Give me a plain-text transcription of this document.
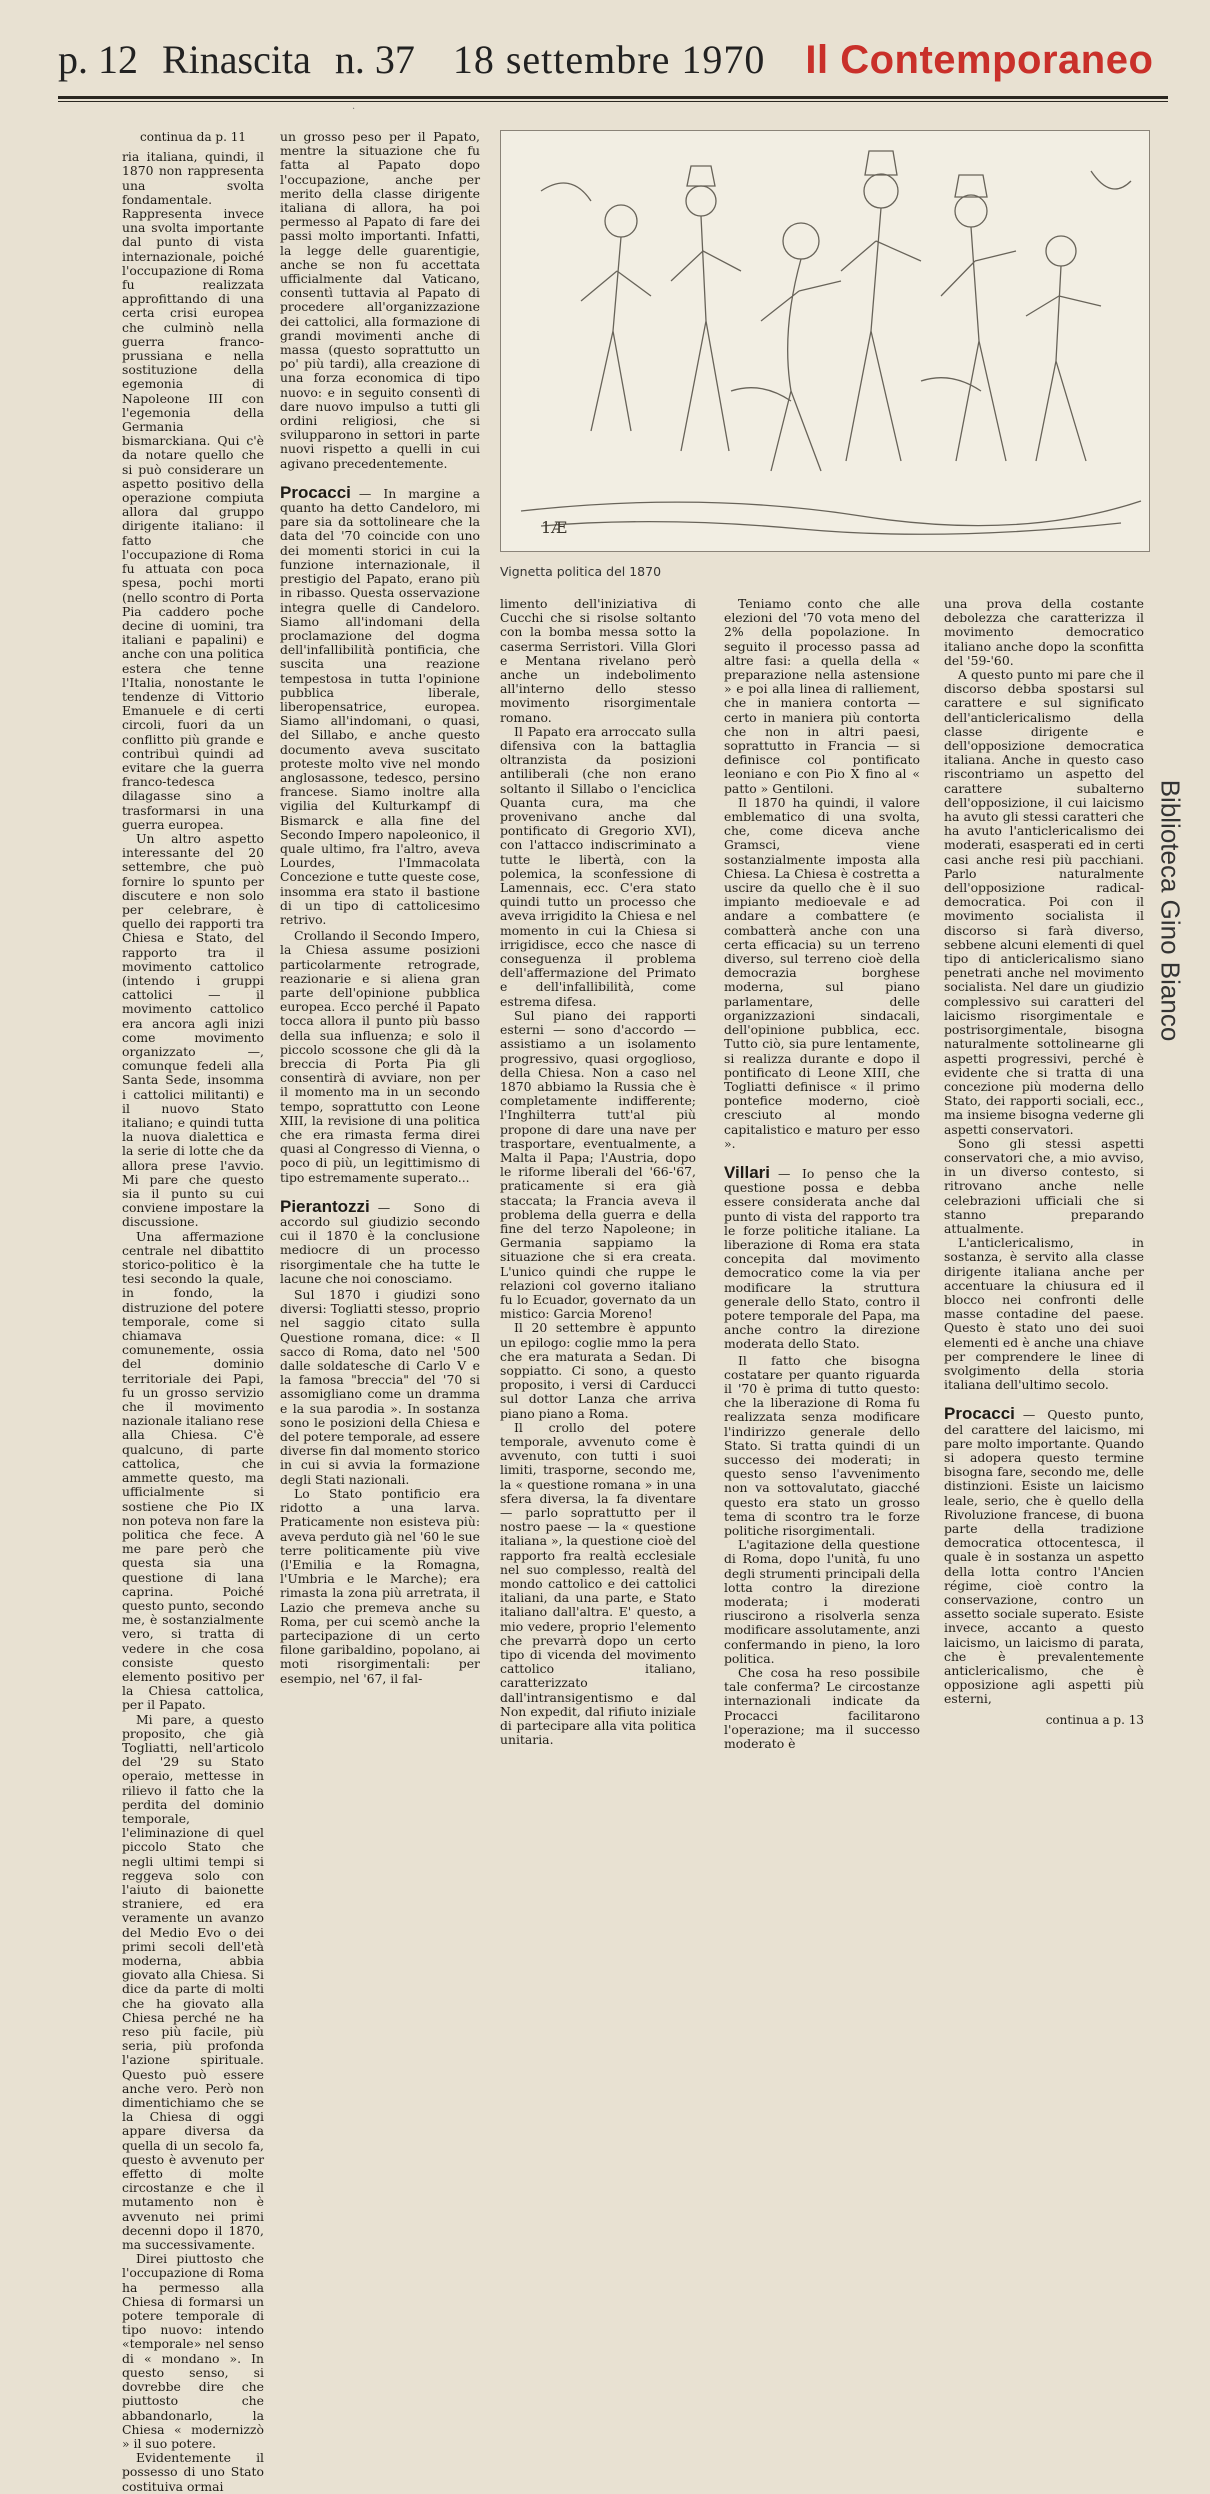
p. 12 Rinascita n. 37 18 settembre 1970 Il Contemporaneo
·
continua da p. 11

ria italiana, quindi, il 1870 non rappresenta una svolta fondamentale. Rappresenta invece una svolta importante dal punto di vista internazionale, poiché l'occupazione di Roma fu realizzata approfittando di una certa crisi europea che culminò nella guerra franco-prussiana e nella sostituzione della egemonia di Napoleone III con l'egemonia della Germania bismarckiana. Qui c'è da notare quello che si può considerare un aspetto positivo della operazione compiuta allora dal gruppo dirigente italiano: il fatto che l'occupazione di Roma fu attuata con poca spesa, pochi morti (nello scontro di Porta Pia caddero poche decine di uomini, tra italiani e papalini) e anche con una politica estera che tenne l'Italia, nonostante le tendenze di Vittorio Emanuele e di certi circoli, fuori da un conflitto più grande e contribuì quindi ad evitare che la guerra franco-tedesca dilagasse sino a trasformarsi in una guerra europea.

Un altro aspetto interessante del 20 settembre, che può fornire lo spunto per discutere e non solo per celebrare, è quello dei rapporti tra Chiesa e Stato, del rapporto tra il movimento cattolico (intendo i gruppi cattolici — il movimento cattolico era ancora agli inizi come movimento organizzato —, comunque fedeli alla Santa Sede, insomma i cattolici militanti) e il nuovo Stato italiano; e quindi tutta la nuova dialettica e la serie di lotte che da allora prese l'avvio. Mi pare che questo sia il punto su cui conviene impostare la discussione.

Una affermazione centrale nel dibattito storico-politico è la tesi secondo la quale, in fondo, la distruzione del potere temporale, come si chiamava comunemente, ossia del dominio territoriale dei Papi, fu un grosso servizio che il movimento nazionale italiano rese alla Chiesa. C'è qualcuno, di parte cattolica, che ammette questo, ma ufficialmente si sostiene che Pio IX non poteva non fare la politica che fece. A me pare però che questa sia una questione di lana caprina. Poiché questo punto, secondo me, è sostanzialmente vero, si tratta di vedere in che cosa consiste questo elemento positivo per la Chiesa cattolica, per il Papato.

Mi pare, a questo proposito, che già Togliatti, nell'articolo del '29 su Stato operaio, mettesse in rilievo il fatto che la perdita del dominio temporale, l'eliminazione di quel piccolo Stato che negli ultimi tempi si reggeva solo con l'aiuto di baionette straniere, ed era veramente un avanzo del Medio Evo o dei primi secoli dell'età moderna, abbia giovato alla Chiesa. Si dice da parte di molti che ha giovato alla Chiesa perché ne ha reso più facile, più seria, più profonda l'azione spirituale. Questo può essere anche vero. Però non dimentichiamo che se la Chiesa di oggi appare diversa da quella di un secolo fa, questo è avvenuto per effetto di molte circostanze e che il mutamento non è avvenuto nei primi decenni dopo il 1870, ma successivamente.

Direi piuttosto che l'occupazione di Roma ha permesso alla Chiesa di formarsi un potere temporale di tipo nuovo: intendo «temporale» nel senso di « mondano ». In questo senso, si dovrebbe dire che piuttosto che abbandonarlo, la Chiesa « modernizzò » il suo potere.

Evidentemente il possesso di uno Stato costituiva ormai

un grosso peso per il Papato, mentre la situazione che fu fatta al Papato dopo l'occupazione, anche per merito della classe dirigente italiana di allora, ha poi permesso al Papato di fare dei passi molto importanti. Infatti, la legge delle guarentigie, anche se non fu accettata ufficialmente dal Vaticano, consentì tuttavia al Papato di procedere all'organizzazione dei cattolici, alla formazione di grandi movimenti anche di massa (questo soprattutto un po' più tardi), alla creazione di una forza economica di tipo nuovo: e in seguito consentì di dare nuovo impulso a tutti gli ordini religiosi, che si svilupparono in settori in parte nuovi rispetto a quelli in cui agivano precedentemente.

Procacci — In margine a quanto ha detto Candeloro, mi pare sia da sottolineare che la data del '70 coincide con uno dei momenti storici in cui la funzione internazionale, il prestigio del Papato, erano più in ribasso. Questa osservazione integra quelle di Candeloro. Siamo all'indomani della proclamazione del dogma dell'infallibilità pontificia, che suscita una reazione tempestosa in tutta l'opinione pubblica liberale, liberopensatrice, europea. Siamo all'indomani, o quasi, del Sillabo, e anche questo documento aveva suscitato proteste molto vive nel mondo anglosassone, tedesco, persino francese. Siamo inoltre alla vigilia del Kulturkampf di Bismarck e alla fine del Secondo Impero napoleonico, il quale ultimo, fra l'altro, aveva Lourdes, l'Immacolata Concezione e tutte queste cose, insomma era stato il bastione di un tipo di cattolicesimo retrivo.

Crollando il Secondo Impero, la Chiesa assume posizioni particolarmente retrograde, reazionarie e si aliena gran parte dell'opinione pubblica europea. Ecco perché il Papato tocca allora il punto più basso della sua influenza; e solo il piccolo scossone che gli dà la breccia di Porta Pia gli consentirà di avviare, non per il momento ma in un secondo tempo, soprattutto con Leone XIII, la revisione di una politica che era rimasta ferma direi quasi al Congresso di Vienna, o poco di più, un legittimismo di tipo estremamente superato...

Pierantozzi — Sono di accordo sul giudizio secondo cui il 1870 è la conclusione mediocre di un processo risorgimentale che ha tutte le lacune che noi conosciamo.

Sul 1870 i giudizi sono diversi: Togliatti stesso, proprio nel saggio citato sulla Questione romana, dice: « Il sacco di Roma, dato nel '500 dalle soldatesche di Carlo V e la famosa "breccia" del '70 si assomigliano come un dramma e la sua parodia ». In sostanza sono le posizioni della Chiesa e del potere temporale, ad essere diverse fin dal momento storico in cui si avvia la formazione degli Stati nazionali.

Lo Stato pontificio era ridotto a una larva. Praticamente non esisteva più: aveva perduto già nel '60 le sue terre politicamente più vive (l'Emilia e la Romagna, l'Umbria e le Marche); era rimasta la zona più arretrata, il Lazio che premeva anche su Roma, per cui scemò anche la partecipazione di un certo filone garibaldino, popolano, ai moti risorgimentali: per esempio, nel '67, il fal-

1Æ
Vignetta politica del 1870

limento dell'iniziativa di Cucchi che si risolse soltanto con la bomba messa sotto la caserma Serristori. Villa Glori e Mentana rivelano però anche un indebolimento all'interno dello stesso movimento risorgimentale romano.

Il Papato era arroccato sulla difensiva con la battaglia oltranzista da posizioni antiliberali (che non erano soltanto il Sillabo o l'enciclica Quanta cura, ma che provenivano anche dal pontificato di Gregorio XVI), con l'attacco indiscriminato a tutte le libertà, con la polemica, la sconfessione di Lamennais, ecc. C'era stato quindi tutto un processo che aveva irrigidito la Chiesa e nel momento in cui la Chiesa si irrigidisce, ecco che nasce di conseguenza il problema dell'affermazione del Primato e dell'infallibilità, come estrema difesa.

Sul piano dei rapporti esterni — sono d'accordo — assistiamo a un isolamento progressivo, quasi orgoglioso, della Chiesa. Non a caso nel 1870 abbiamo la Russia che è completamente indifferente; l'Inghilterra tutt'al più propone di dare una nave per trasportare, eventualmente, a Malta il Papa; l'Austria, dopo le riforme liberali del '66-'67, praticamente si era già staccata; la Francia aveva il problema della guerra e della fine del terzo Napoleone; in Germania sappiamo la situazione che si era creata. L'unico quindi che ruppe le relazioni col governo italiano fu lo Ecuador, governato da un mistico: Garcia Moreno!

Il 20 settembre è appunto un epilogo: coglie mmo la pera che era maturata a Sedan. Di soppiatto. Ci sono, a questo proposito, i versi di Carducci sul dottor Lanza che arriva piano piano a Roma.

Il crollo del potere temporale, avvenuto come è avvenuto, con tutti i suoi limiti, trasporne, secondo me, la « questione romana » in una sfera diversa, la fa diventare — parlo soprattutto per il nostro paese — la « questione italiana », la questione cioè del rapporto fra realtà ecclesiale nel suo complesso, realtà del mondo cattolico e dei cattolici italiani, da una parte, e Stato italiano dall'altra. E' questo, a mio vedere, proprio l'elemento che prevarrà dopo un certo tipo di vicenda del movimento cattolico italiano, caratterizzato dall'intransigentismo e dal Non expedit, dal rifiuto iniziale di partecipare alla vita politica unitaria.

Teniamo conto che alle elezioni del '70 vota meno del 2% della popolazione. In seguito il processo passa ad altre fasi: a quella della « preparazione nella astensione » e poi alla linea di ralliement, che in maniera contorta — certo in maniera più contorta che non in altri paesi, soprattutto in Francia — si definisce col pontificato leoniano e con Pio X fino al « patto » Gentiloni.

Il 1870 ha quindi, il valore emblematico di una svolta, che, come diceva anche Gramsci, viene sostanzialmente imposta alla Chiesa. La Chiesa è costretta a uscire da quello che è il suo impianto medioevale e ad andare a combattere (e combatterà anche con una certa efficacia) su un terreno diverso, sul terreno cioè della democrazia borghese moderna, sul piano parlamentare, delle organizzazioni sindacali, dell'opinione pubblica, ecc. Tutto ciò, sia pure lentamente, si realizza durante e dopo il pontificato di Leone XIII, che Togliatti definisce « il primo pontefice moderno, cioè cresciuto al mondo capitalistico e maturo per esso ».

Villari — Io penso che la questione possa e debba essere considerata anche dal punto di vista del rapporto tra le forze politiche italiane. La liberazione di Roma era stata concepita dal movimento democratico come la via per modificare la struttura generale dello Stato, contro il potere temporale del Papa, ma anche contro la direzione moderata dello Stato.

Il fatto che bisogna costatare per quanto riguarda il '70 è prima di tutto questo: che la liberazione di Roma fu realizzata senza modificare l'indirizzo generale dello Stato. Si tratta quindi di un successo dei moderati; in questo senso l'avvenimento non va sottovalutato, giacché questo era stato un grosso tema di scontro tra le forze politiche risorgimentali.

L'agitazione della questione di Roma, dopo l'unità, fu uno degli strumenti principali della lotta contro la direzione moderata; i moderati riuscirono a risolverla senza modificare assolutamente, anzi confermando in pieno, la loro politica.

Che cosa ha reso possibile tale conferma? Le circostanze internazionali indicate da Procacci facilitarono l'operazione; ma il successo moderato è

una prova della costante debolezza che caratterizza il movimento democratico italiano anche dopo la sconfitta del '59-'60.

A questo punto mi pare che il discorso debba spostarsi sul carattere e sul significato dell'anticlericalismo della classe dirigente e dell'opposizione democratica italiana. Anche in questo caso riscontriamo un aspetto del carattere subalterno dell'opposizione, il cui laicismo ha avuto gli stessi caratteri che ha avuto l'anticlericalismo dei moderati, esasperati ed in certi casi anche resi più pacchiani. Parlo naturalmente dell'opposizione radical-democratica. Poi con il movimento socialista il discorso si farà diverso, sebbene alcuni elementi di quel tipo di anticlericalismo siano penetrati anche nel movimento socialista. Nel dare un giudizio complessivo sui caratteri del laicismo risorgimentale e postrisorgimentale, bisogna naturalmente sottolinearne gli aspetti progressivi, perché è evidente che si tratta di una concezione più moderna dello Stato, dei rapporti sociali, ecc., ma insieme bisogna vederne gli aspetti conservatori.

Sono gli stessi aspetti conservatori che, a mio avviso, in un diverso contesto, si ritrovano anche nelle celebrazioni ufficiali che si stanno preparando attualmente.

L'anticlericalismo, in sostanza, è servito alla classe dirigente italiana anche per accentuare la chiusura ed il blocco nei confronti delle masse contadine del paese. Questo è stato uno dei suoi elementi ed è anche una chiave per comprendere le linee di svolgimento della storia italiana dell'ultimo secolo.

Procacci — Questo punto, del carattere del laicismo, mi pare molto importante. Quando si adopera questo termine bisogna fare, secondo me, delle distinzioni. Esiste un laicismo leale, serio, che è quello della Rivoluzione francese, di buona parte della tradizione democratica ottocentesca, il quale è in sostanza un aspetto della lotta contro l'Ancien régime, cioè contro la conservazione, contro un assetto sociale superato. Esiste invece, accanto a questo laicismo, un laicismo di parata, che è prevalentemente anticlericalismo, che è opposizione agli aspetti più esterni,

continua a p. 13
Biblioteca Gino Bianco
